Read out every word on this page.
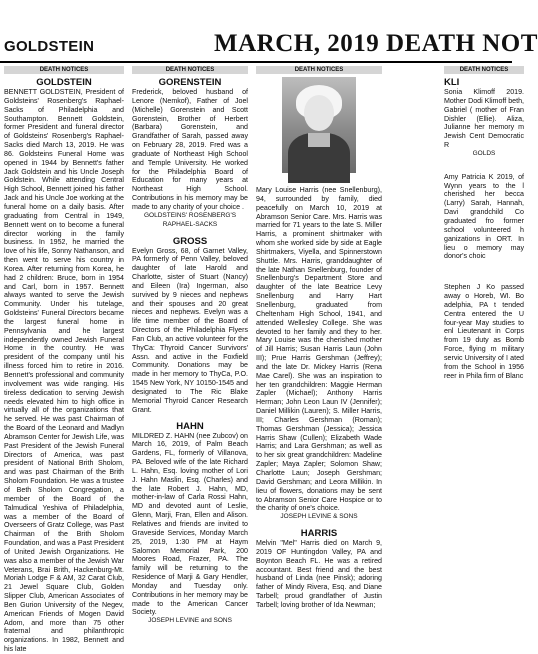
GOLDSTEIN	MARCH, 2019 DEATH NOT
DEATH NOTICES
GOLDSTEIN

BENNETT GOLDSTEIN, President of Goldsteins' Rosenberg's Raphael-Sacks of Philadelphia and Southampton. Bennett Goldstein, former President and funeral director of Goldsteins' Rosenberg's Raphael-Sacks died March 13, 2019. He was 86. Goldsteins Funeral Home was opened in 1944 by Bennett's father Jack Goldstein and his Uncle Joseph Goldstein. While attending Central High School, Bennett joined his father Jack and his Uncle Joe working at the funeral home on a daily basis. After graduating from Central in 1949, Bennett went on to become a funeral director working in the family business. In 1952, he married the love of his life, Sonny Nathanson, and then went to serve his country in Korea. After returning from Korea, he had 2 children: Bruce, born in 1954 and Carl, born in 1957. Bennett always wanted to serve the Jewish Community. Under his tutelage, Goldsteins' Funeral Directors became the largest funeral home in Pennsylvania and he largest independently owned Jewish Funeral Home in the country. He was president of the company until his illness forced him to retire in 2016. Bennett's professional and community involvement was wide ranging. His tireless dedication to serving Jewish needs elevated him to high office in virtually all of the organizations that he served. He was past Chairman of the Board of the Leonard and Madlyn Abramson Center for Jewish Life, was Past President of the Jewish Funeral Directors of America, was past president of National Brith Sholom, and was past Chairman of the Brith Sholom Foundation. He was a trustee of Beth Sholom Congregation, a member of the Board of the Talmudical Yeshiva of Philadelphia, was a member of the Board of Overseers of Gratz College, was Past Chairman of the Brith Sholom Foundation, and was a Past President of United Jewish Organizations. He was also a member of the Jewish War Veterans, Brai Brith, Hackenburg-Mt. Moriah Lodge F & AM, 32 Carat Club, 21 Jewel Square Club, Golden Slipper Club, American Associates of Ben Gurion University of the Negev, American Friends of Mogen David Adom, and more than 75 other fraternal and philanthropic organizations. In 1982, Bennett and his late

DEATH NOTICES
GORENSTEIN

Frederick, beloved husband of Lenore (Nemkof), Father of Joel (Michelle) Gorenstein and Scott Gorenstein, Brother of Herbert (Barbara) Gorenstein, and Grandfather of Sarah, passed away on February 28, 2019. Fred was a graduate of Northeast High School and Temple University. He worked for the Philadelphia Board of Education for many years at Northeast High School. Contributions in his memory may be made to any charity of your choice .

GOLDSTEINS' ROSENBERG'S

RAPHAEL-SACKS

GROSS

Evelyn Gross, 68, of Garnet Valley, PA formerly of Penn Valley, beloved daughter of late Harold and Charlotte, sister of Stuart (Nancy) and Eileen (Ira) Ingerman, also survived by 9 nieces and nephews and their spouses and 20 great nieces and nephews. Evelyn was a life time member of the Board of Directors of the Philadelphia Flyers Fan Club, an active volunteer for the ThyCa: Thyroid Cancer Survivors' Assn. and active in the Foxfield Community. Donations may be made in her memory to ThyCa, P.O. 1545 New York, NY 10150-1545 and designated to The Ric Blake Memorial Thyroid Cancer Research Grant.

HAHN

MILDRED Z. HAHN (nee Zubcov) on March 16, 2019, of Palm Beach Gardens, FL, formerly of Villanova, PA. Beloved wife of the late Richard L. Hahn, Esq. loving mother of Lori J. Hahn Maslin, Esq. (Charles) and the late Robert J. Hahn, MD, mother-in-law of Carla Rossi Hahn, MD and devoted aunt of Leslie, Glenn, Marji, Fran, Ellen and Alison. Relatives and friends are invited to Graveside Services, Monday March 25, 2019, 1:30 PM at Haym Salomon Memorial Park, 200 Moores Road, Frazer, PA. The family will be returning to the Residence of Marji & Gary Hendler, Monday and Tuesday only. Contributions in her memory may be made to the American Cancer Society.

JOSEPH LEVINE and SONS

DEATH NOTICES

Mary Louise Harris (nee Snellenburg), 94, surrounded by family, died peacefully on March 10, 2019 at Abramson Senior Care. Mrs. Harris was married for 71 years to the late S. Miller Harris, a prominent shirtmaker with whom she worked side by side at Eagle Shirtmakers, Viyella, and Spinnerstown Shuttle. Mrs. Harris, granddaughter of the late Nathan Snellenburg, founder of Snellenburg's Department Store and daughter of the late Beatrice Levy Snellenburg and Harry Hart Snellenburg, graduated from Cheltenham High School, 1941, and attended Wellesley College. She was devoted to her family and they to her. Mary Louise was the cherished mother of Jill Harris; Susan Harris Laun (John III); Prue Harris Gershman (Jeffrey); and the late Dr. Mickey Harris (Rena Mae Carel). She was an inspiration to her ten grandchildren: Maggie Herman Zapler (Michael); Anthony Harris Herman; John Leon Laun IV (Jennifer); Daniel Millikin (Lauren); S. Miller Harris, III; Charles Gershman (Roman); Thomas Gershman (Jessica); Jessica Harris Shaw (Cullen); Elizabeth Wade Harris; and Lara Gershman; as well as to her six great grandchildren: Madeline Zapler; Maya Zapler; Solomon Shaw; Charlotte Laun; Joseph Gershman; David Gershman; and Leora Millikin. In lieu of flowers, donations may be sent to Abramson Senior Care Hospice or to the charity of one's choice.

JOSEPH LEVINE & SONS

HARRIS

Melvin "Mel" Harris died on March 9, 2019 OF Huntingdon Valley, PA and Boynton Beach FL. He was a retired accountant. Best friend and the best husband of Linda (nee Pinsk); adoring father of Mindy Rivera, Esq. and Diane Tarbell; proud grandfather of Justin Tarbell; loving brother of Ida Newman;

DEATH NOTICES
KLI

Sonia Klimoff 2019. Mother Dodi Klimoff beth, Gabriel ( mother of Fran Dishler (Ellie). Aliza, Julianne her memory m Jewish Cent Democratic R

GOLDS

Amy Patricia K 2019, of Wynn years to the l cherished her becca (Larry) Sarah, Hannah, Davi grandchild Co graduated fro former school volunteered h ganizations in ORT. In lieu o memory may donor's choic

Stephen J Ko passed away o Horeb, WI. Bo adelphia, PA t tended Centra entered the U four-year May studies to enl Lieutenant in Corps from 19 duty as Bomb Force, flying m military servic University of I ated from the School in 1956 reer in Phila firm of Blanc
